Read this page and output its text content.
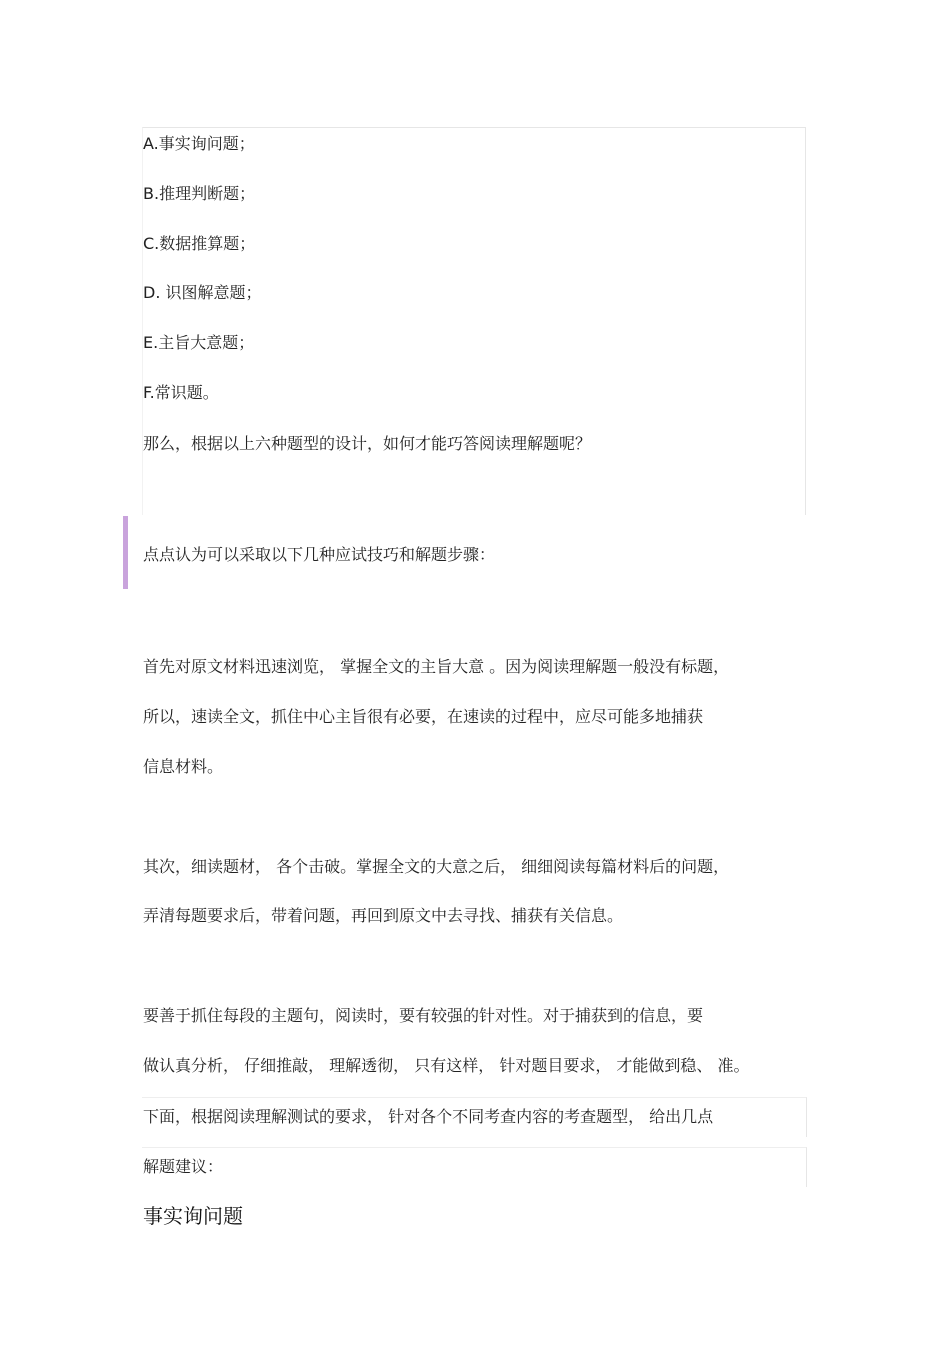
A.事实询问题；
B.推理判断题；
C.数据推算题；
D. 识图解意题；
E.主旨大意题；
F.常识题。
那么，根据以上六种题型的设计，如何才能巧答阅读理解题呢？
点点认为可以采取以下几种应试技巧和解题步骤：
首先对原文材料迅速浏览， 掌握全文的主旨大意 。因为阅读理解题一般没有标题，
所以，速读全文，抓住中心主旨很有必要，在速读的过程中，应尽可能多地捕获
信息材料。
其次，细读题材， 各个击破。掌握全文的大意之后， 细细阅读每篇材料后的问题，
弄清每题要求后，带着问题，再回到原文中去寻找、捕获有关信息。
要善于抓住每段的主题句，阅读时，要有较强的针对性。对于捕获到的信息，要
做认真分析， 仔细推敲， 理解透彻， 只有这样， 针对题目要求， 才能做到稳、 准。
下面，根据阅读理解测试的要求， 针对各个不同考查内容的考查题型， 给出几点
解题建议：
事实询问题
